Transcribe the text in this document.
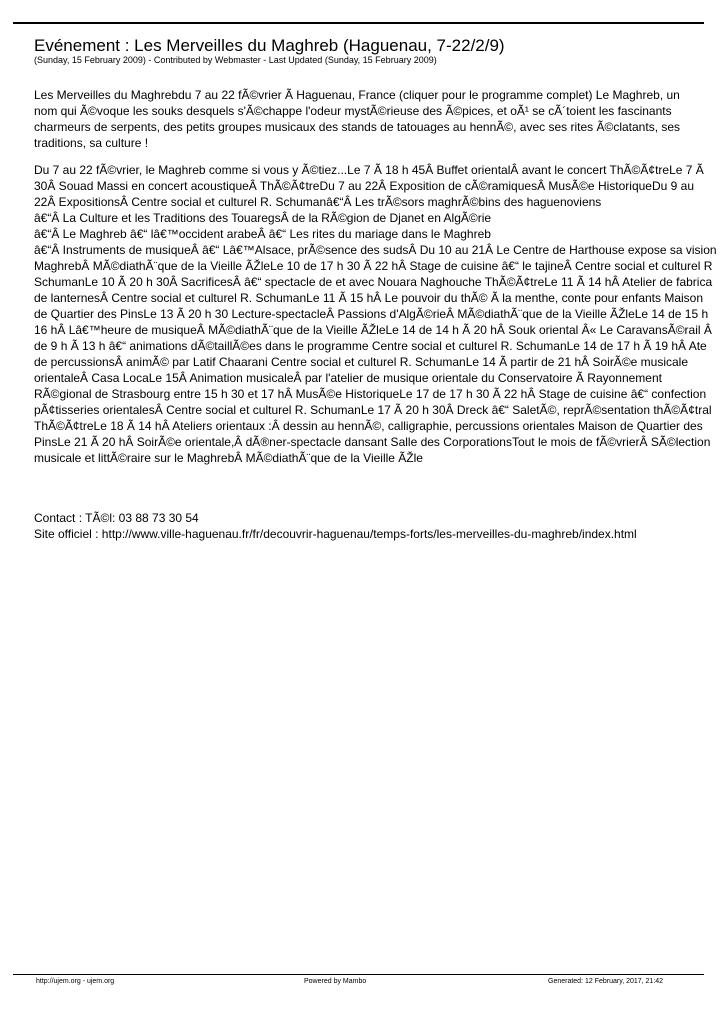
Evénement : Les Merveilles du Maghreb (Haguenau, 7-22/2/9)
(Sunday, 15 February 2009) - Contributed by Webmaster - Last Updated (Sunday, 15 February 2009)
Les Merveilles du Maghrebdu 7 au 22 fÃ©vrier Ã Haguenau, France (cliquer pour le programme complet) Le Maghreb, un
nom qui Ã©voque les souks desquels s'Ã©chappe l'odeur mystÃ©rieuse des Ã©pices, et oÃ¹ se cÃ´toient les fascinants
charmeurs de serpents, des petits groupes musicaux des stands de tatouages au hennÃ©, avec ses rites Ã©clatants, ses
traditions, sa culture !
Du 7 au 22 fÃ©vrier, le Maghreb comme si vous y Ã©tiez...Le 7 Ã 18 h 45Â Buffet orientalÂ avant le concert ThÃ©Ã¢treLe 7 Ã
30Â Souad Massi en concert acoustiqueÂ ThÃ©Ã¢treDu 7 au 22Â Exposition de cÃ©ramiquesÂ MusÃ©e HistoriqueDu 9 au
22Â ExpositionsÂ Centre social et culturel R. Schumanâ€“Â Les trÃ©sors maghrÃ©bins des haguenoviens
â€“Â La Culture et les Traditions des TouaregsÂ de la RÃ©gion de Djanet en AlgÃ©rie
â€“Â Le Maghreb â€“ lâ€™occident arabeÂ â€“ Les rites du mariage dans le Maghreb
â€“Â Instruments de musiqueÂ â€“ Lâ€™Alsace, prÃ©sence des sudsÂ Du 10 au 21Â Le Centre de Harthouse expose sa vision
MaghrebÂ MÃ©diathÃ¨que de la Vieille ÃŽleLe 10 de 17 h 30 Ã 22 hÂ Stage de cuisine â€“ le tajineÂ Centre social et culturel R
SchumanLe 10 Ã 20 h 30Â SacrificesÂ â€“ spectacle de et avec Nouara Naghouche ThÃ©Ã¢treLe 11 Ã 14 hÂ Atelier de fabrica
de lanternesÂ Centre social et culturel R. SchumanLe 11 Ã 15 hÂ Le pouvoir du thÃ© Ã la menthe, conte pour enfants Maison
de Quartier des PinsLe 13 Ã 20 h 30 Lecture-spectacleÂ Passions d'AlgÃ©rieÂ MÃ©diathÃ¨que de la Vieille ÃŽleLe 14 de 15 h
16 hÂ Lâ€™heure de musiqueÂ MÃ©diathÃ¨que de la Vieille ÃŽleLe 14 de 14 h Ã 20 hÂ Souk oriental Â« Le CaravansÃ©rail Â
de 9 h Ã 13 h â€“ animations dÃ©taillÃ©es dans le programme Centre social et culturel R. SchumanLe 14 de 17 h Ã 19 hÂ Ate
de percussionsÂ animÃ© par Latif Chaarani Centre social et culturel R. SchumanLe 14 Ã partir de 21 hÂ SoirÃ©e musicale
orientaleÂ Casa LocaLe 15Â Animation musicaleÂ par l'atelier de musique orientale du Conservatoire Ã Rayonnement
RÃ©gional de Strasbourg entre 15 h 30 et 17 hÂ MusÃ©e HistoriqueLe 17 de 17 h 30 Ã 22 hÂ Stage de cuisine â€“ confection
pÃ¢tisseries orientalesÂ Centre social et culturel R. SchumanLe 17 Ã 20 h 30Â Dreck â€“ SaletÃ©, reprÃ©sentation thÃ©Ã¢tral
ThÃ©Ã¢treLe 18 Ã 14 hÂ Ateliers orientaux :Â dessin au hennÃ©, calligraphie, percussions orientales Maison de Quartier des
PinsLe 21 Ã 20 hÂ SoirÃ©e orientale,Â dÃ®ner-spectacle dansant Salle des CorporationsTout le mois de fÃ©vrierÂ SÃ©lection
musicale et littÃ©raire sur le MaghrebÂ MÃ©diathÃ¨que de la Vieille ÃŽle
Contact : TÃ©l: 03 88 73 30 54
Site officiel : http://www.ville-haguenau.fr/fr/decouvrir-haguenau/temps-forts/les-merveilles-du-maghreb/index.html
http://ujem.org - ujem.org	Powered by Mambo	Generated: 12 February, 2017, 21:42
